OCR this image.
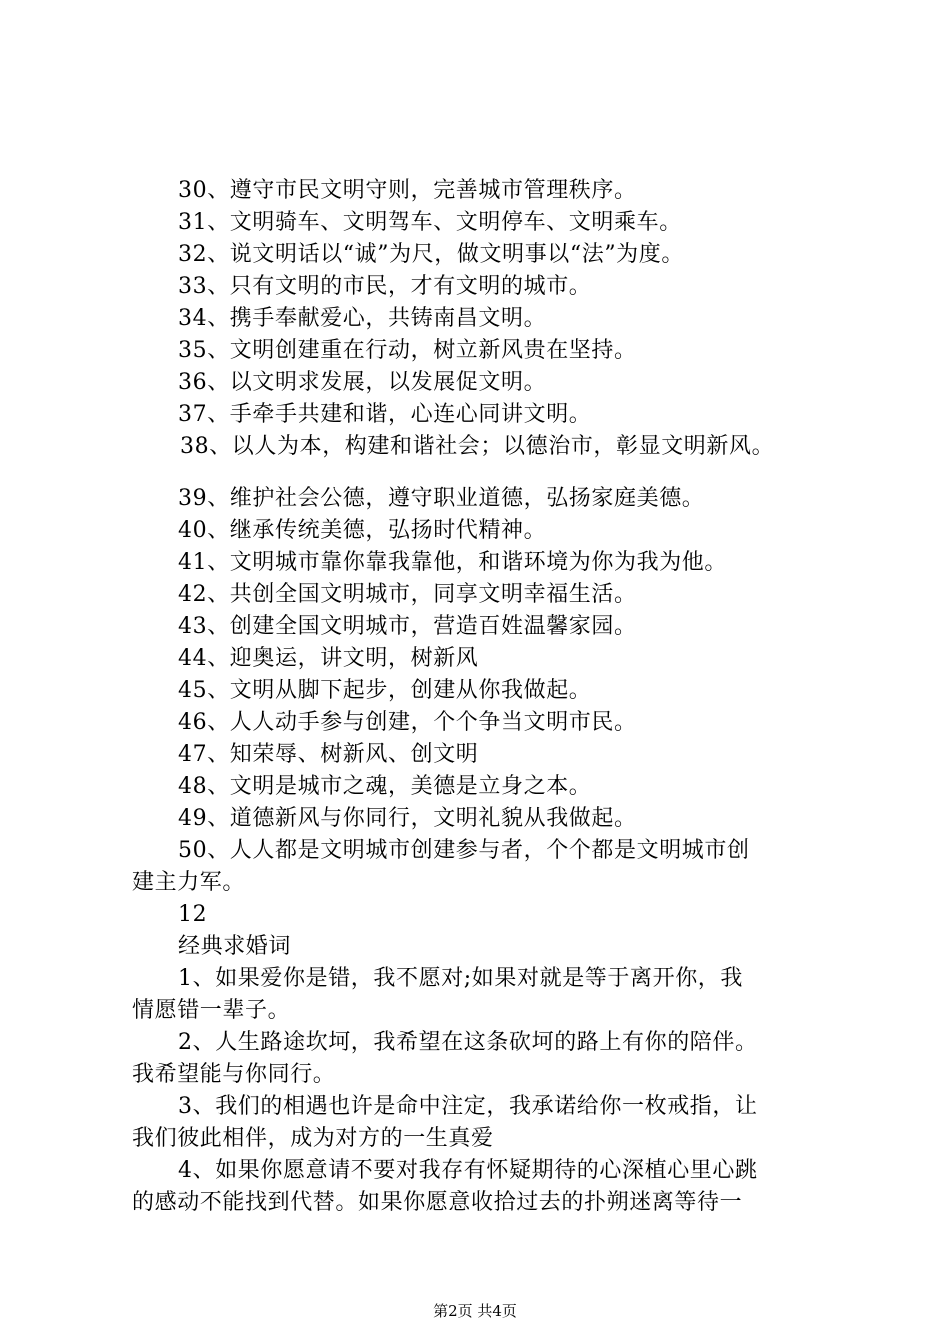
30、遵守市民文明守则，完善城市管理秩序。
31、文明骑车、文明驾车、文明停车、文明乘车。
32、说文明话以“诚”为尺，做文明事以“法”为度。
33、只有文明的市民，才有文明的城市。
34、携手奉献爱心，共铸南昌文明。
35、文明创建重在行动，树立新风贵在坚持。
36、以文明求发展，以发展促文明。
37、手牵手共建和谐，心连心同讲文明。
38、以人为本，构建和谐社会；以德治市，彰显文明新风。
39、维护社会公德，遵守职业道德，弘扬家庭美德。
40、继承传统美德，弘扬时代精神。
41、文明城市靠你靠我靠他，和谐环境为你为我为他。
42、共创全国文明城市，同享文明幸福生活。
43、创建全国文明城市，营造百姓温馨家园。
44、迎奥运，讲文明，树新风
45、文明从脚下起步，创建从你我做起。
46、人人动手参与创建，个个争当文明市民。
47、知荣辱、树新风、创文明
48、文明是城市之魂，美德是立身之本。
49、道德新风与你同行，文明礼貌从我做起。
50、人人都是文明城市创建参与者，个个都是文明城市创
建主力军。
12
经典求婚词
1、如果爱你是错，我不愿对;如果对就是等于离开你，我
情愿错一辈子。
2、人生路途坎坷，我希望在这条砍坷的路上有你的陪伴。
我希望能与你同行。
3、我们的相遇也许是命中注定，我承诺给你一枚戒指，让
我们彼此相伴，成为对方的一生真爱
4、如果你愿意请不要对我存有怀疑期待的心深植心里心跳
的感动不能找到代替。如果你愿意收拾过去的扑朔迷离等待一
第2页 共4页
